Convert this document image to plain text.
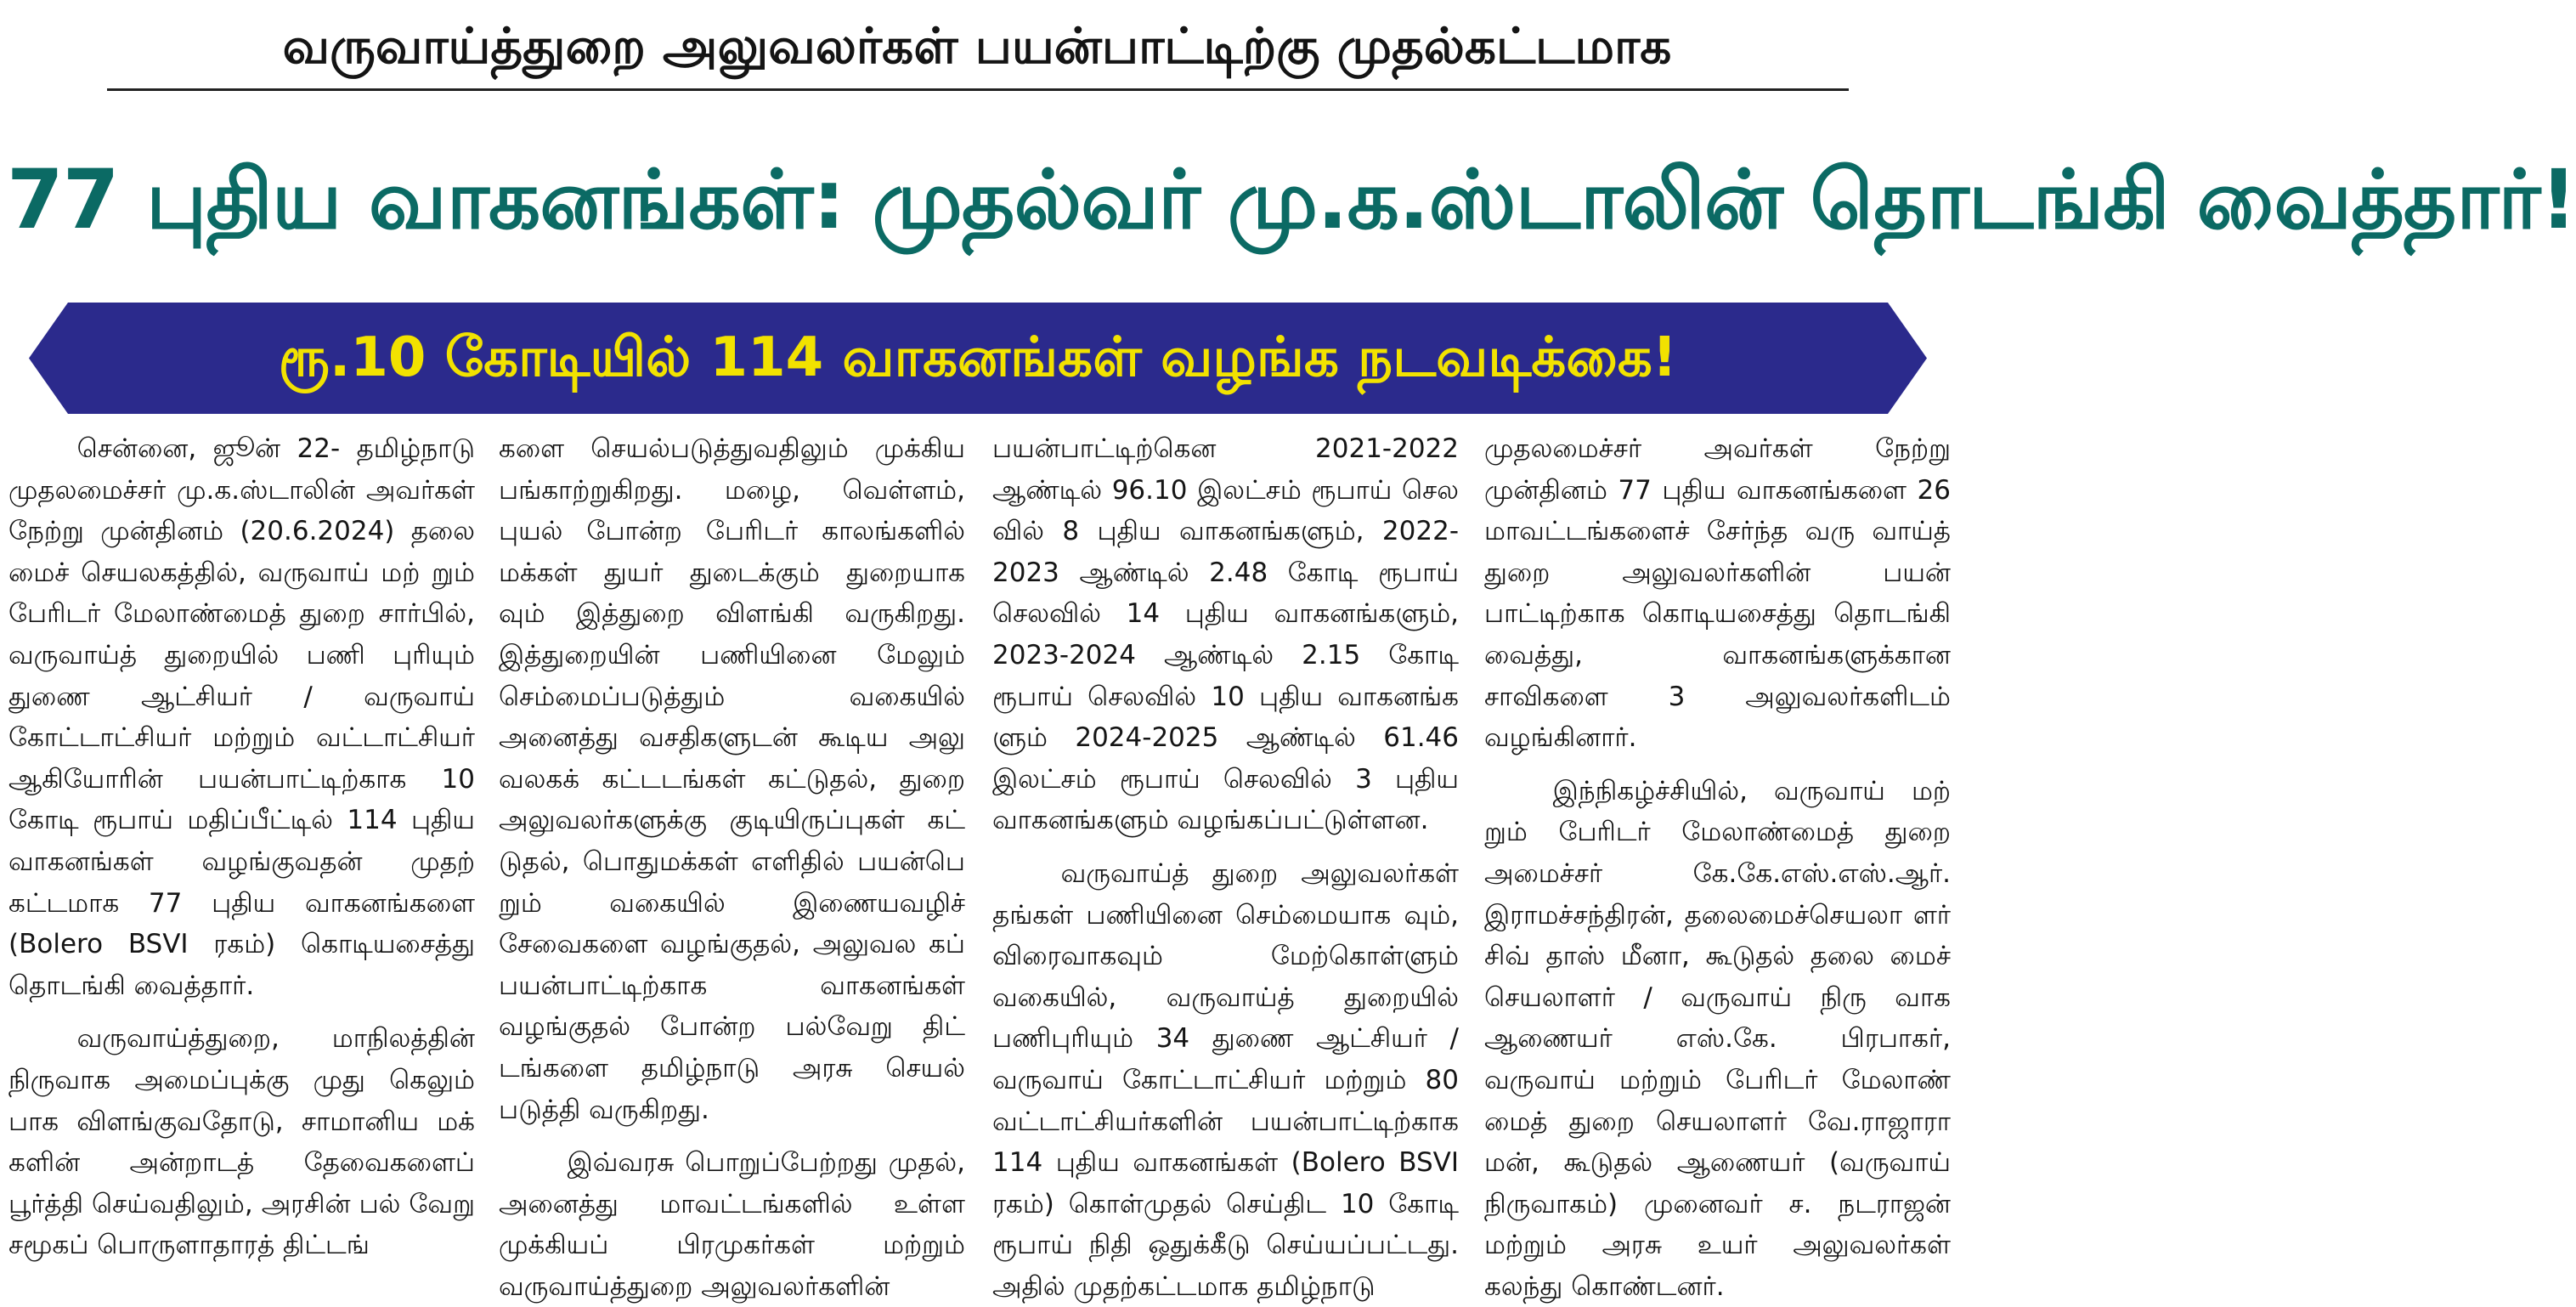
வருவாய்த்துறை அலுவலர்கள் பயன்பாட்டிற்கு முதல்கட்டமாக
77 புதிய வாகனங்கள்: முதல்வர் மு.க.ஸ்டாலின் தொடங்கி வைத்தார்!
ரூ.10 கோடியில் 114 வாகனங்கள் வழங்க நடவடிக்கை!

சென்னை, ஜூன் 22- தமிழ்நாடு முதலமைச்சர் மு.க.ஸ்டாலின் அவர்கள் நேற்று முன்தினம் (20.6.2024) தலை மைச் செயலகத்தில், வருவாய் மற் றும் பேரிடர் மேலாண்மைத் துறை சார்பில், வருவாய்த் துறையில் பணி புரியும் துணை ஆட்சியர் / வருவாய் கோட்டாட்சியர் மற்றும் வட்டாட்சியர் ஆகியோரின் பயன்பாட்டிற்காக 10 கோடி ரூபாய் மதிப்பீட்டில் 114 புதிய வாகனங்கள் வழங்குவதன் முதற் கட்டமாக 77 புதிய வாகனங்களை (Bolero BSVI ரகம்) கொடியசைத்து தொடங்கி வைத்தார்.

வருவாய்த்துறை, மாநிலத்தின் நிருவாக அமைப்புக்கு முது கெலும் பாக விளங்குவதோடு, சாமானிய மக் களின் அன்றாடத் தேவைகளைப் பூர்த்தி செய்வதிலும், அரசின் பல் வேறு சமூகப் பொருளாதாரத் திட்டங்

களை செயல்படுத்துவதிலும் முக்கிய பங்காற்றுகிறது. மழை, வெள்ளம், புயல் போன்ற பேரிடர் காலங்களில் மக்கள் துயர் துடைக்கும் துறையாக வும் இத்துறை விளங்கி வருகிறது. இத்துறையின் பணியினை மேலும் செம்மைப்படுத்தும் வகையில் அனைத்து வசதிகளுடன் கூடிய அலு வலகக் கட்டடங்கள் கட்டுதல், துறை அலுவலர்களுக்கு குடியிருப்புகள் கட் டுதல், பொதுமக்கள் எளிதில் பயன்பெ றும் வகையில் இணையவழிச் சேவைகளை வழங்குதல், அலுவல கப் பயன்பாட்டிற்காக வாகனங்கள் வழங்குதல் போன்ற பல்வேறு திட் டங்களை தமிழ்நாடு அரசு செயல் படுத்தி வருகிறது.

இவ்வரசு பொறுப்பேற்றது முதல், அனைத்து மாவட்டங்களில் உள்ள முக்கியப் பிரமுகர்கள் மற்றும் வருவாய்த்துறை அலுவலர்களின்

பயன்பாட்டிற்கென 2021-2022 ஆண்டில் 96.10 இலட்சம் ரூபாய் செல வில் 8 புதிய வாகனங்களும், 2022-2023 ஆண்டில் 2.48 கோடி ரூபாய் செலவில் 14 புதிய வாகனங்களும், 2023-2024 ஆண்டில் 2.15 கோடி ரூபாய் செலவில் 10 புதிய வாகனங்க ளும் 2024-2025 ஆண்டில் 61.46 இலட்சம் ரூபாய் செலவில் 3 புதிய வாகனங்களும் வழங்கப்பட்டுள்ளன.

வருவாய்த் துறை அலுவலர்கள் தங்கள் பணியினை செம்மையாக வும், விரைவாகவும் மேற்கொள்ளும் வகையில், வருவாய்த் துறையில் பணிபுரியும் 34 துணை ஆட்சியர் / வருவாய் கோட்டாட்சியர் மற்றும் 80 வட்டாட்சியர்களின் பயன்பாட்டிற்காக 114 புதிய வாகனங்கள் (Bolero BSVI ரகம்) கொள்முதல் செய்திட 10 கோடி ரூபாய் நிதி ஒதுக்கீடு செய்யப்பட்டது. அதில் முதற்கட்டமாக தமிழ்நாடு

முதலமைச்சர் அவர்கள் நேற்று முன்தினம் 77 புதிய வாகனங்களை 26 மாவட்டங்களைச் சேர்ந்த வரு வாய்த் துறை அலுவலர்களின் பயன் பாட்டிற்காக கொடியசைத்து தொடங்கி வைத்து, வாகனங்களுக்கான சாவிகளை 3 அலுவலர்களிடம் வழங்கினார்.

இந்நிகழ்ச்சியில், வருவாய் மற் றும் பேரிடர் மேலாண்மைத் துறை அமைச்சர் கே.கே.எஸ்.எஸ்.ஆர். இராமச்சந்திரன், தலைமைச்செயலா ளர் சிவ் தாஸ் மீனா, கூடுதல் தலை மைச் செயலாளர் / வருவாய் நிரு வாக ஆணையர் எஸ்.கே. பிரபாகர், வருவாய் மற்றும் பேரிடர் மேலாண் மைத் துறை செயலாளர் வே.ராஜாரா மன், கூடுதல் ஆணையர் (வருவாய் நிருவாகம்) முனைவர் ச. நடராஜன் மற்றும் அரசு உயர் அலுவலர்கள் கலந்து கொண்டனர்.
